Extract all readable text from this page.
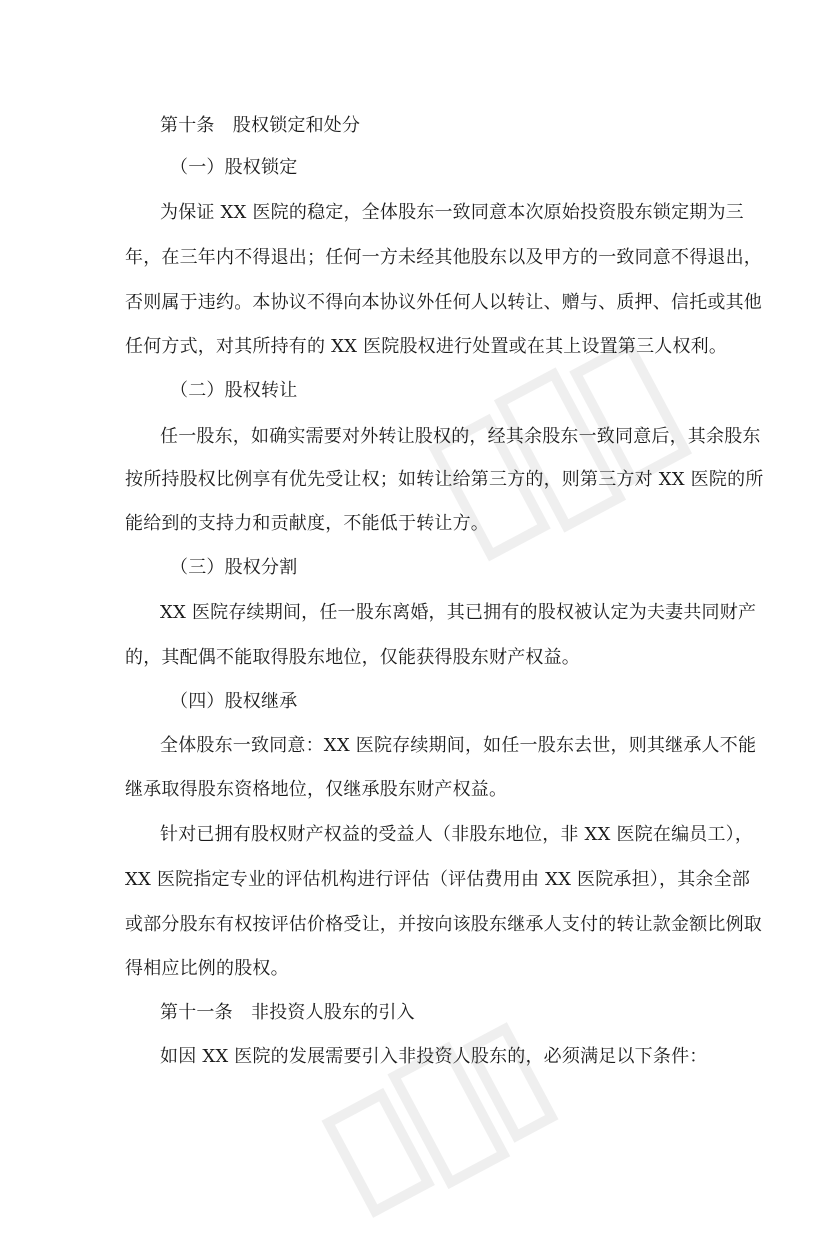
第十条　股权锁定和处分
（一）股权锁定
为保证 XX 医院的稳定，全体股东一致同意本次原始投资股东锁定期为三
年，在三年内不得退出；任何一方未经其他股东以及甲方的一致同意不得退出，
否则属于违约。本协议不得向本协议外任何人以转让、赠与、质押、信托或其他
任何方式，对其所持有的 XX 医院股权进行处置或在其上设置第三人权利。
（二）股权转让
任一股东，如确实需要对外转让股权的，经其余股东一致同意后，其余股东
按所持股权比例享有优先受让权；如转让给第三方的，则第三方对 XX 医院的所
能给到的支持力和贡献度，不能低于转让方。
（三）股权分割
XX 医院存续期间，任一股东离婚，其已拥有的股权被认定为夫妻共同财产
的，其配偶不能取得股东地位，仅能获得股东财产权益。
（四）股权继承
全体股东一致同意：XX 医院存续期间，如任一股东去世，则其继承人不能
继承取得股东资格地位，仅继承股东财产权益。
针对已拥有股权财产权益的受益人（非股东地位，非 XX 医院在编员工），
XX 医院指定专业的评估机构进行评估（评估费用由 XX 医院承担），其余全部
或部分股东有权按评估价格受让，并按向该股东继承人支付的转让款金额比例取
得相应比例的股权。
第十一条　非投资人股东的引入
如因 XX 医院的发展需要引入非投资人股东的，必须满足以下条件：
